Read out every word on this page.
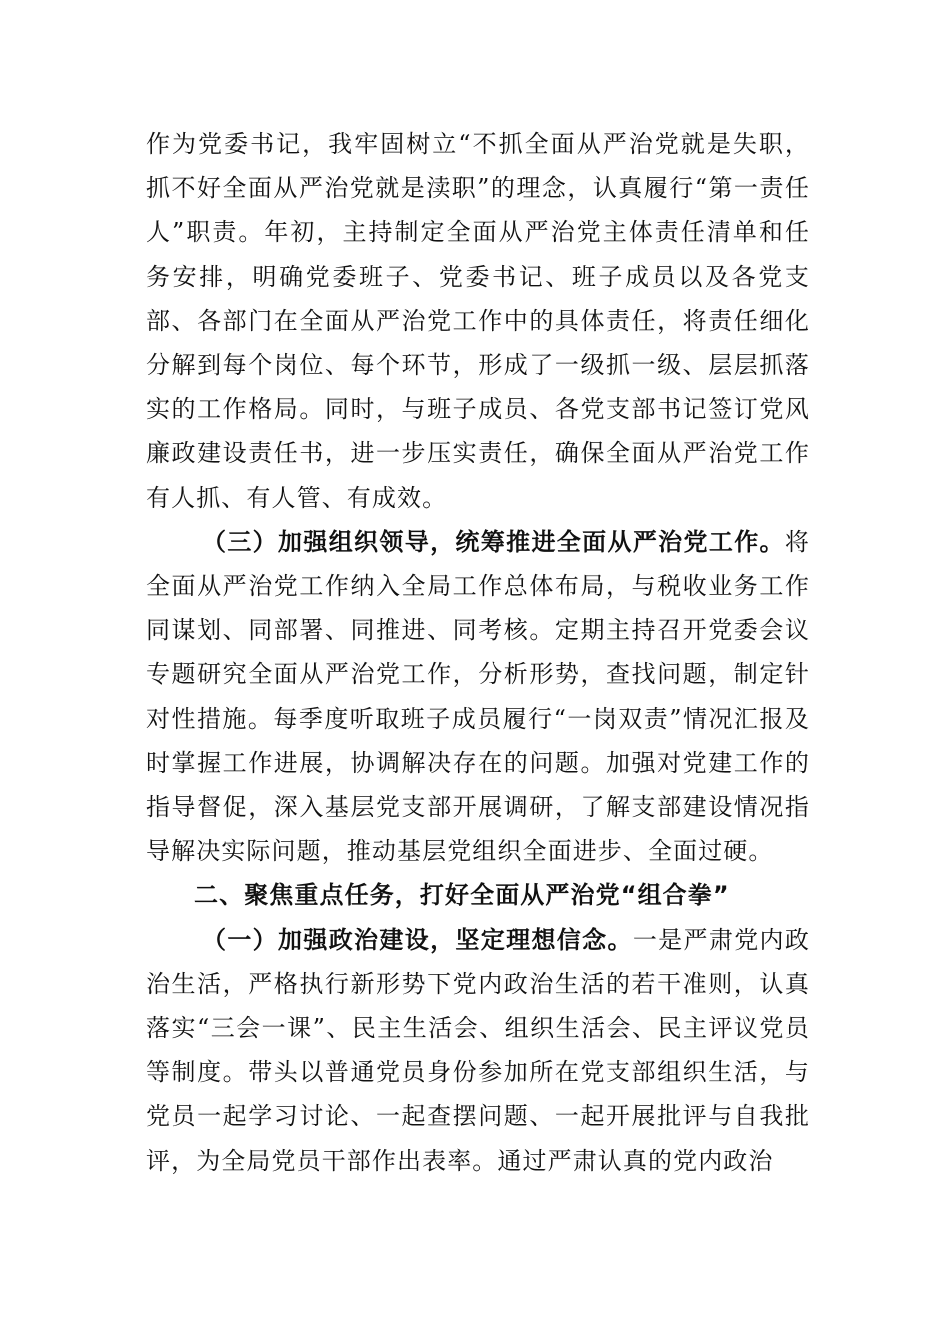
作为党委书记，我牢固树立“不抓全面从严治党就是失职，抓不好全面从严治党就是渎职”的理念，认真履行“第一责任人”职责。年初，主持制定全面从严治党主体责任清单和任务安排，明确党委班子、党委书记、班子成员以及各党支部、各部门在全面从严治党工作中的具体责任，将责任细化分解到每个岗位、每个环节，形成了一级抓一级、层层抓落实的工作格局。同时，与班子成员、各党支部书记签订党风廉政建设责任书，进一步压实责任，确保全面从严治党工作有人抓、有人管、有成效。

（三）加强组织领导，统筹推进全面从严治党工作。将全面从严治党工作纳入全局工作总体布局，与税收业务工作同谋划、同部署、同推进、同考核。定期主持召开党委会议专题研究全面从严治党工作，分析形势，查找问题，制定针对性措施。每季度听取班子成员履行“一岗双责”情况汇报及时掌握工作进展，协调解决存在的问题。加强对党建工作的指导督促，深入基层党支部开展调研，了解支部建设情况指导解决实际问题，推动基层党组织全面进步、全面过硬。

二、聚焦重点任务，打好全面从严治党“组合拳”

（一）加强政治建设，坚定理想信念。一是严肃党内政治生活，严格执行新形势下党内政治生活的若干准则，认真落实“三会一课”、民主生活会、组织生活会、民主评议党员等制度。带头以普通党员身份参加所在党支部组织生活，与党员一起学习讨论、一起查摆问题、一起开展批评与自我批评，为全局党员干部作出表率。通过严肃认真的党内政治
